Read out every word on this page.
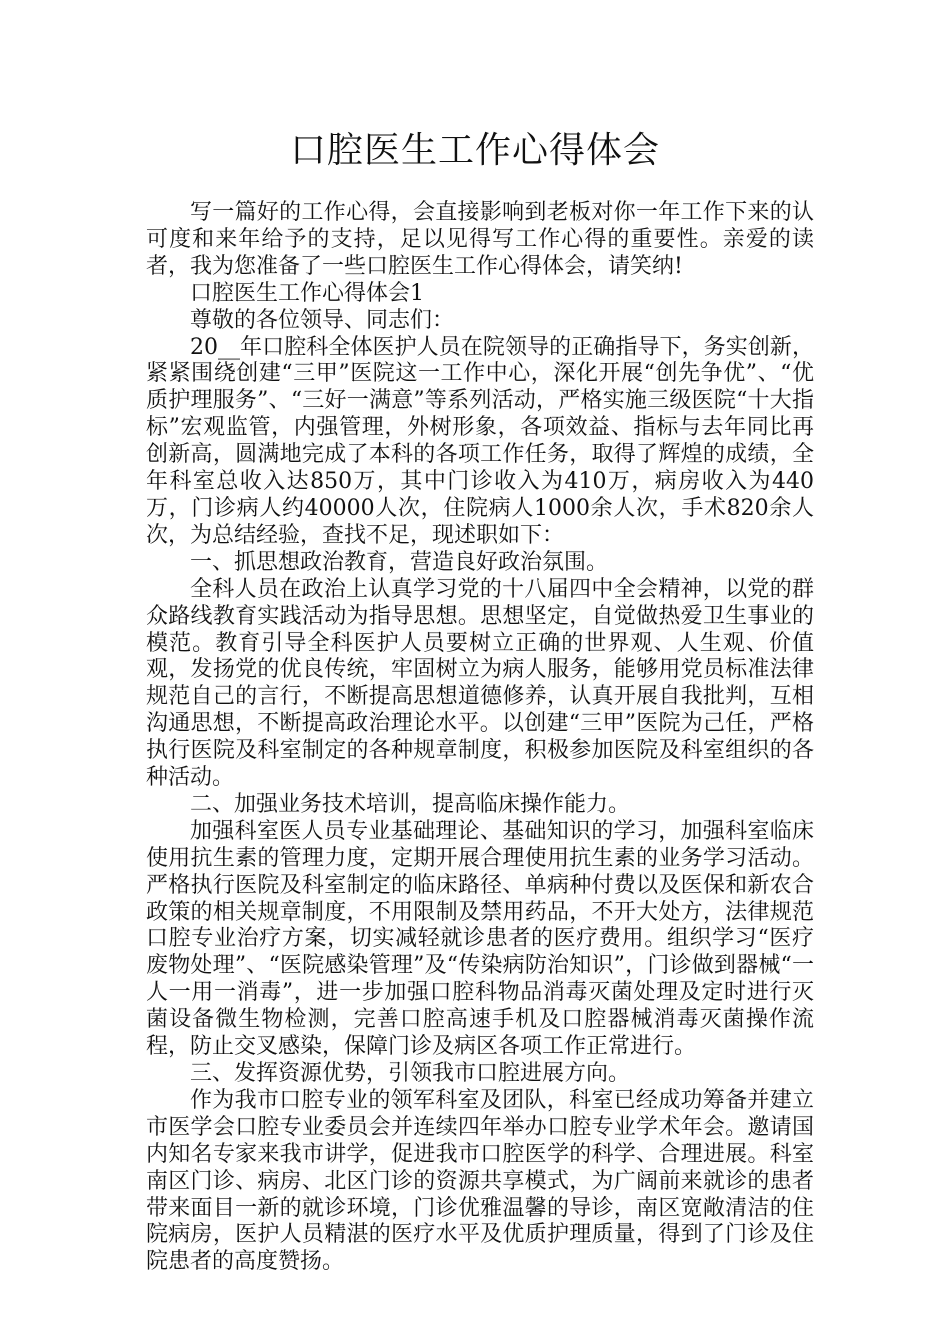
口腔医生工作心得体会

写一篇好的工作心得，会直接影响到老板对你一年工作下来的认可度和来年给予的支持，足以见得写工作心得的重要性。亲爱的读者，我为您准备了一些口腔医生工作心得体会，请笑纳!

口腔医生工作心得体会1

尊敬的各位领导、同志们：

20__年口腔科全体医护人员在院领导的正确指导下，务实创新，紧紧围绕创建“三甲”医院这一工作中心，深化开展“创先争优”、“优质护理服务”、“三好一满意”等系列活动，严格实施三级医院“十大指标”宏观监管，内强管理，外树形象，各项效益、指标与去年同比再创新高，圆满地完成了本科的各项工作任务，取得了辉煌的成绩，全年科室总收入达850万，其中门诊收入为410万，病房收入为440万，门诊病人约40000人次，住院病人1000余人次，手术820余人次，为总结经验，查找不足，现述职如下：

一、抓思想政治教育，营造良好政治氛围。

全科人员在政治上认真学习党的十八届四中全会精神，以党的群众路线教育实践活动为指导思想。思想坚定，自觉做热爱卫生事业的模范。教育引导全科医护人员要树立正确的世界观、人生观、价值观，发扬党的优良传统，牢固树立为病人服务，能够用党员标准法律规范自己的言行，不断提高思想道德修养，认真开展自我批判，互相沟通思想，不断提高政治理论水平。以创建“三甲”医院为己任，严格执行医院及科室制定的各种规章制度，积极参加医院及科室组织的各种活动。

二、加强业务技术培训，提高临床操作能力。

加强科室医人员专业基础理论、基础知识的学习，加强科室临床使用抗生素的管理力度，定期开展合理使用抗生素的业务学习活动。严格执行医院及科室制定的临床路径、单病种付费以及医保和新农合政策的相关规章制度，不用限制及禁用药品，不开大处方，法律规范口腔专业治疗方案，切实减轻就诊患者的医疗费用。组织学习“医疗废物处理”、“医院感染管理”及“传染病防治知识”，门诊做到器械“一人一用一消毒”，进一步加强口腔科物品消毒灭菌处理及定时进行灭菌设备微生物检测，完善口腔高速手机及口腔器械消毒灭菌操作流程，防止交叉感染，保障门诊及病区各项工作正常进行。

三、发挥资源优势，引领我市口腔进展方向。

作为我市口腔专业的领军科室及团队，科室已经成功筹备并建立市医学会口腔专业委员会并连续四年举办口腔专业学术年会。邀请国内知名专家来我市讲学，促进我市口腔医学的科学、合理进展。科室南区门诊、病房、北区门诊的资源共享模式，为广阔前来就诊的患者带来面目一新的就诊环境，门诊优雅温馨的导诊，南区宽敞清洁的住院病房，医护人员精湛的医疗水平及优质护理质量，得到了门诊及住院患者的高度赞扬。
